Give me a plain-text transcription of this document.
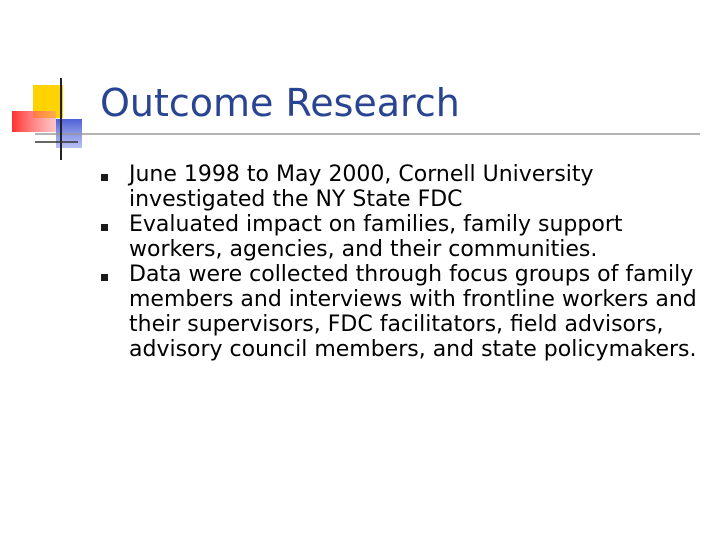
Outcome Research
June 1998 to May 2000, Cornell University investigated the NY State FDC
Evaluated impact on families, family support workers, agencies, and their communities.
Data were collected through focus groups of family members and interviews with frontline workers and their supervisors, FDC facilitators, field advisors, advisory council members, and state policymakers.
